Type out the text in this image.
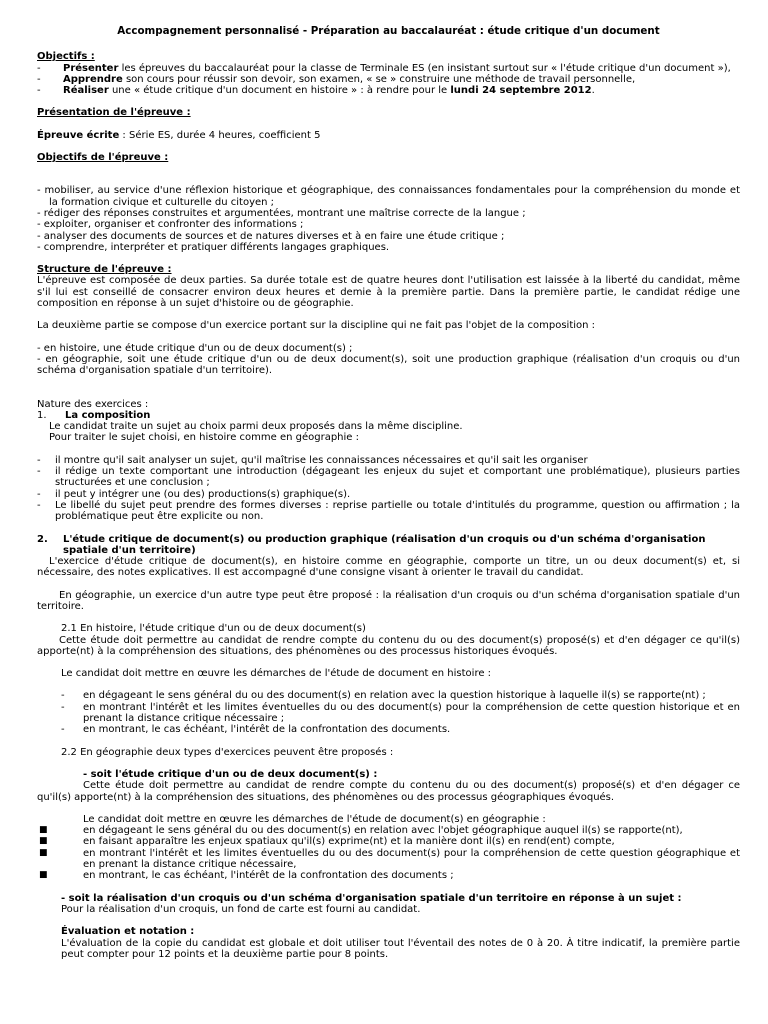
Accompagnement personnalisé - Préparation au baccalauréat : étude critique d'un document
Objectifs :
- Présenter les épreuves du baccalauréat pour la classe de Terminale ES (en insistant surtout sur « l'étude critique d'un document »),
- Apprendre son cours pour réussir son devoir, son examen, « se » construire une méthode de travail personnelle,
- Réaliser une « étude critique d'un document en histoire » : à rendre pour le lundi 24 septembre 2012.
Présentation de l'épreuve :
Épreuve écrite : Série ES, durée 4 heures, coefficient 5
Objectifs de l'épreuve :
- mobiliser, au service d'une réflexion historique et géographique, des connaissances fondamentales pour la compréhension du monde et la formation civique et culturelle du citoyen ;
- rédiger des réponses construites et argumentées, montrant une maîtrise correcte de la langue ;
- exploiter, organiser et confronter des informations ;
- analyser des documents de sources et de natures diverses et à en faire une étude critique ;
- comprendre, interpréter et pratiquer différents langages graphiques.
Structure de l'épreuve :
L'épreuve est composée de deux parties. Sa durée totale est de quatre heures dont l'utilisation est laissée à la liberté du candidat, même s'il lui est conseillé de consacrer environ deux heures et demie à la première partie. Dans la première partie, le candidat rédige une composition en réponse à un sujet d'histoire ou de géographie.
La deuxième partie se compose d'un exercice portant sur la discipline qui ne fait pas l'objet de la composition :
- en histoire, une étude critique d'un ou de deux document(s) ;
- en géographie, soit une étude critique d'un ou de deux document(s), soit une production graphique (réalisation d'un croquis ou d'un schéma d'organisation spatiale d'un territoire).
Nature des exercices :
1. La composition
Le candidat traite un sujet au choix parmi deux proposés dans la même discipline.
Pour traiter le sujet choisi, en histoire comme en géographie :
- il montre qu'il sait analyser un sujet, qu'il maîtrise les connaissances nécessaires et qu'il sait les organiser
- il rédige un texte comportant une introduction (dégageant les enjeux du sujet et comportant une problématique), plusieurs parties structurées et une conclusion ;
- il peut y intégrer une (ou des) productions(s) graphique(s).
- Le libellé du sujet peut prendre des formes diverses : reprise partielle ou totale d'intitulés du programme, question ou affirmation ; la problématique peut être explicite ou non.
2. L'étude critique de document(s) ou production graphique (réalisation d'un croquis ou d'un schéma d'organisation spatiale d'un territoire)
L'exercice d'étude critique de document(s), en histoire comme en géographie, comporte un titre, un ou deux document(s) et, si nécessaire, des notes explicatives. Il est accompagné d'une consigne visant à orienter le travail du candidat.
En géographie, un exercice d'un autre type peut être proposé : la réalisation d'un croquis ou d'un schéma d'organisation spatiale d'un territoire.
2.1 En histoire, l'étude critique d'un ou de deux document(s)
Cette étude doit permettre au candidat de rendre compte du contenu du ou des document(s) proposé(s) et d'en dégager ce qu'il(s) apporte(nt) à la compréhension des situations, des phénomènes ou des processus historiques évoqués.
Le candidat doit mettre en œuvre les démarches de l'étude de document en histoire :
- en dégageant le sens général du ou des document(s) en relation avec la question historique à laquelle il(s) se rapporte(nt) ;
- en montrant l'intérêt et les limites éventuelles du ou des document(s) pour la compréhension de cette question historique et en prenant la distance critique nécessaire ;
- en montrant, le cas échéant, l'intérêt de la confrontation des documents.
2.2 En géographie deux types d'exercices peuvent être proposés :
- soit l'étude critique d'un ou de deux document(s) :
Cette étude doit permettre au candidat de rendre compte du contenu du ou des document(s) proposé(s) et d'en dégager ce qu'il(s) apporte(nt) à la compréhension des situations, des phénomènes ou des processus géographiques évoqués.
Le candidat doit mettre en œuvre les démarches de l'étude de document(s) en géographie :
■	en dégageant le sens général du ou des document(s) en relation avec l'objet géographique auquel il(s) se rapporte(nt),
■	en faisant apparaître les enjeux spatiaux qu'il(s) exprime(nt) et la manière dont il(s) en rend(ent) compte,
■	en montrant l'intérêt et les limites éventuelles du ou des document(s) pour la compréhension de cette question géographique et en prenant la distance critique nécessaire,
■	en montrant, le cas échéant, l'intérêt de la confrontation des documents ;
- soit la réalisation d'un croquis ou d'un schéma d'organisation spatiale d'un territoire en réponse à un sujet :
Pour la réalisation d'un croquis, un fond de carte est fourni au candidat.
Évaluation et notation :
L'évaluation de la copie du candidat est globale et doit utiliser tout l'éventail des notes de 0 à 20. À titre indicatif, la première partie peut compter pour 12 points et la deuxième partie pour 8 points.
